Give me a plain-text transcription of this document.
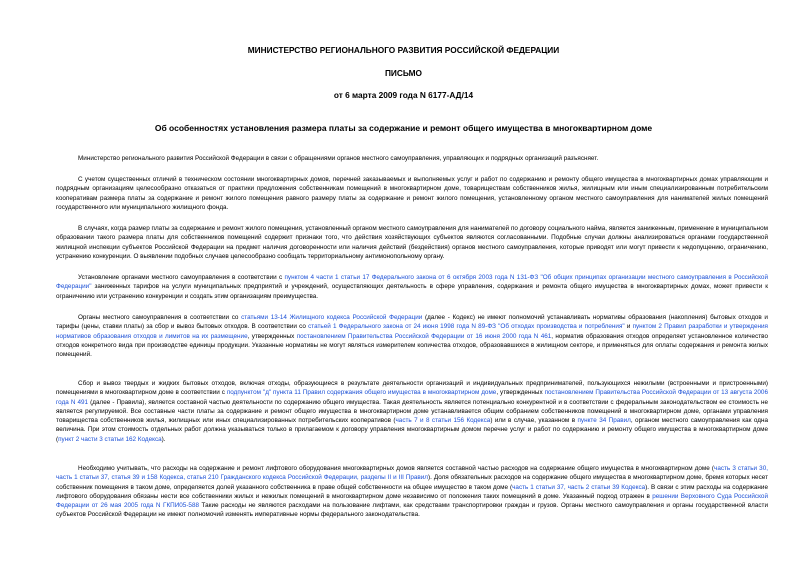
МИНИСТЕРСТВО РЕГИОНАЛЬНОГО РАЗВИТИЯ РОССИЙСКОЙ ФЕДЕРАЦИИ
ПИСЬМО
от 6 марта 2009 года N 6177-АД/14
Об особенностях установления размера платы за содержание и ремонт общего имущества в многоквартирном доме

Министерство регионального развития Российской Федерации в связи с обращениями органов местного самоуправления, управляющих и подрядных организаций разъясняет.

С учетом существенных отличий в техническом состоянии многоквартирных домов, перечней заказываемых и выполняемых услуг и работ по содержанию и ремонту общего имущества в многоквартирных домах управляющим и подрядным организациям целесообразно отказаться от практики предложения собственникам помещений в многоквартирном доме, товариществам собственников жилья, жилищным или иным специализированным потребительским кооперативам размера платы за содержание и ремонт жилого помещения равного размеру платы за содержание и ремонт жилого помещения, установленному органом местного самоуправления для нанимателей жилых помещений государственного или муниципального жилищного фонда.

В случаях, когда размер платы за содержание и ремонт жилого помещения, установленный органом местного самоуправления для нанимателей по договору социального найма, является заниженным, применение в муниципальном образовании такого размера платы для собственников помещений содержит признаки того, что действия хозяйствующих субъектов являются согласованными. Подобные случаи должны анализироваться органами государственной жилищной инспекции субъектов Российской Федерации на предмет наличия договоренности или наличия действий (бездействия) органов местного самоуправления, которые приводят или могут привести к недопущению, ограничению, устранению конкуренции. О выявлении подобных случаев целесообразно сообщать территориальному антимонопольному органу.

Установление органами местного самоуправления в соответствии с пунктом 4 части 1 статьи 17 Федерального закона от 6 октября 2003 года N 131-ФЗ "Об общих принципах организации местного самоуправления в Российской Федерации" заниженных тарифов на услуги муниципальных предприятий и учреждений, осуществляющих деятельность в сфере управления, содержания и ремонта общего имущества в многоквартирных домах, может привести к ограничению или устранению конкуренции и создать этим организациям преимущества.

Органы местного самоуправления в соответствии со статьями 13-14 Жилищного кодекса Российской Федерации (далее - Кодекс) не имеют полномочий устанавливать нормативы образования (накопления) бытовых отходов и тарифы (цены, ставки платы) за сбор и вывоз бытовых отходов. В соответствии со статьей 1 Федерального закона от 24 июня 1998 года N 89-ФЗ "Об отходах производства и потребления" и пунктом 2 Правил разработки и утверждения нормативов образования отходов и лимитов на их размещение, утвержденных постановлением Правительства Российской Федерации от 16 июня 2000 года N 461, норматив образования отходов определяет установленное количество отходов конкретного вида при производстве единицы продукции. Указанные нормативы не могут являться измерителем количества отходов, образовавшихся в жилищном секторе, и применяться для оплаты содержания и ремонта жилых помещений.

Сбор и вывоз твердых и жидких бытовых отходов, включая отходы, образующиеся в результате деятельности организаций и индивидуальных предпринимателей, пользующихся нежилыми (встроенными и пристроенными) помещениями в многоквартирном доме в соответствии с подпунктом "д" пункта 11 Правил содержания общего имущества в многоквартирном доме, утвержденных постановлением Правительства Российской Федерации от 13 августа 2006 года N 491 (далее - Правила), является составной частью деятельности по содержанию общего имущества. Такая деятельность является потенциально конкурентной и в соответствии с федеральным законодательством ее стоимость не является регулируемой. Все составные части платы за содержание и ремонт общего имущества в многоквартирном доме устанавливается общим собранием собственников помещений в многоквартирном доме, органами управления товарищества собственников жилья, жилищных или иных специализированных потребительских кооперативов (часть 7 и 8 статьи 156 Кодекса) или в случае, указанном в пункте 34 Правил, органом местного самоуправления как одна величина. При этом стоимость отдельных работ должна указываться только в прилагаемом к договору управления многоквартирным домом перечне услуг и работ по содержанию и ремонту общего имущества в многоквартирном доме (пункт 2 части 3 статьи 162 Кодекса).

Необходимо учитывать, что расходы на содержание и ремонт лифтового оборудования многоквартирных домов является составной частью расходов на содержание общего имущества в многоквартирном доме (часть 3 статьи 30, часть 1 статьи 37, статья 39 и 158 Кодекса, статья 210 Гражданского кодекса Российской Федерации, разделы II и III Правил). Доля обязательных расходов на содержание общего имущества в многоквартирном доме, бремя которых несет собственник помещения в таком доме, определяется долей указанного собственника в праве общей собственности на общее имущество в таком доме (часть 1 статьи 37, часть 2 статьи 39 Кодекса). В связи с этим расходы на содержание лифтового оборудования обязаны нести все собственники жилых и нежилых помещений в многоквартирном доме независимо от положения таких помещений в доме. Указанный подход отражен в решении Верховного Суда Российской Федерации от 26 мая 2005 года N ГКПИ05-588 Такие расходы не являются расходами на пользование лифтами, как средствами транспортировки граждан и грузов. Органы местного самоуправления и органы государственной власти субъектов Российской Федерации не имеют полномочий изменять императивные нормы федерального законодательства.
